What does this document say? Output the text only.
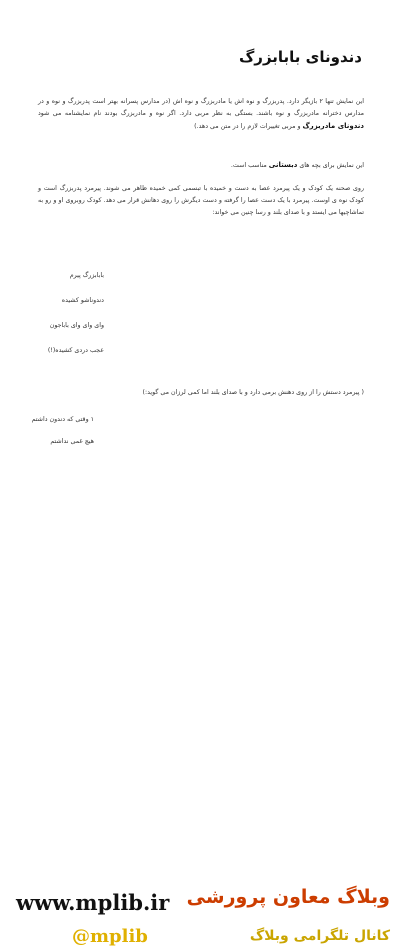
دندونای بابابزرگ
این نمایش تنها ۲ بازیگر دارد. پدربزرگ و نوه اش یا مادربزرگ و نوه اش (در مدارس پسرانه بهتر است پدربزرگ و نوه و در مدارس دخترانه مادربزرگ و نوه باشند. بستگی به نظر مربی دارد. اگر نوه و مادربزرگ بودند نام نمایشنامه می شود دندونای مادربزرگ و مربی تغییرات لازم را در متن می دهد.)
این نمایش برای بچه های دبستانی مناسب است.
روی صحنه یک کودک و یک پیرمرد عصا به دست و خمیده با تبسمی کمی خمیده ظاهر می شوند. پیرمرد پدربزرگ است و کودک نوه ی اوست. پیرمرد با یک دست عصا را گرفته و دست دیگرش را روی دهانش قرار می دهد. کودک روبروی او و رو به تماشاچیها می ایستد و با صدای بلند و رسا چنین می خواند:
بابابزرگ پیرم
دندوناشو کشیده
وای وای وای باباجون
عجب دردی کشیده(!)
( پیرمرد دستش را از روی دهنش برمی دارد و با صدای بلند اما کمی لرزان می گوید:)
۱ وقتی که دندون داشتم
هیچ غمی نداشتم
www.mplib.ir وبلاگ معاون پرورشی
کانال تلگرامی وبلاگ
@mplib
